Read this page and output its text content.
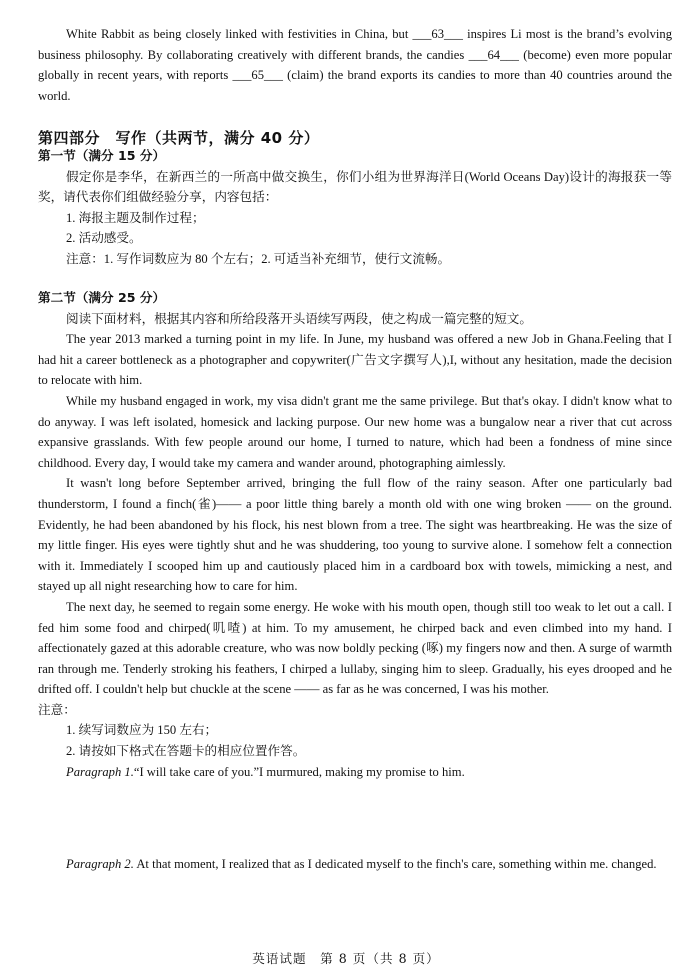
White Rabbit as being closely linked with festivities in China, but ___63___ inspires Li most is the brand’s evolving business philosophy. By collaborating creatively with different brands, the candies ___64___ (become) even more popular globally in recent years, with reports ___65___ (claim) the brand exports its candies to more than 40 countries around the world.

第四部分　写作（共两节，满分 40 分）

第一节（满分 15 分）

假定你是李华，在新西兰的一所高中做交换生，你们小组为世界海洋日(World Oceans Day)设计的海报获一等奖，请代表你们组做经验分享，内容包括：

1. 海报主题及制作过程；

2. 活动感受。

注意：1. 写作词数应为 80 个左右；2. 可适当补充细节，使行文流畅。

第二节（满分 25 分）

阅读下面材料，根据其内容和所给段落开头语续写两段，使之构成一篇完整的短文。

The year 2013 marked a turning point in my life. In June, my husband was offered a new Job in Ghana.Feeling that I had hit a career bottleneck as a photographer and copywriter(广告文字撰写人),I, without any hesitation, made the decision to relocate with him.

While my husband engaged in work, my visa didn't grant me the same privilege. But that's okay. I didn't know what to do anyway. I was left isolated, homesick and lacking purpose. Our new home was a bungalow near a river that cut across expansive grasslands. With few people around our home, I turned to nature, which had been a fondness of mine since childhood. Every day, I would take my camera and wander around, photographing aimlessly.

It wasn't long before September arrived, bringing the full flow of the rainy season. After one particularly bad thunderstorm, I found a finch(雀)—— a poor little thing barely a month old with one wing broken —— on the ground. Evidently, he had been abandoned by his flock, his nest blown from a tree. The sight was heartbreaking. He was the size of my little finger. His eyes were tightly shut and he was shuddering, too young to survive alone. I somehow felt a connection with it. Immediately I scooped him up and cautiously placed him in a cardboard box with towels, mimicking a nest, and stayed up all night researching how to care for him.

The next day, he seemed to regain some energy. He woke with his mouth open, though still too weak to let out a call. I fed him some food and chirped(叽喳) at him. To my amusement, he chirped back and even climbed into my hand. I affectionately gazed at this adorable creature, who was now boldly pecking (啄) my fingers now and then. A surge of warmth ran through me. Tenderly stroking his feathers, I chirped a lullaby, singing him to sleep. Gradually, his eyes drooped and he drifted off. I couldn't help but chuckle at the scene —— as far as he was concerned, I was his mother.

注意：

1. 续写词数应为 150 左右；

2. 请按如下格式在答题卡的相应位置作答。

Paragraph 1.“I will take care of you.”I murmured, making my promise to him.

Paragraph 2. At that moment, I realized that as I dedicated myself to the finch's care, something within me. changed.

英语试题　第 8 页（共 8 页）
